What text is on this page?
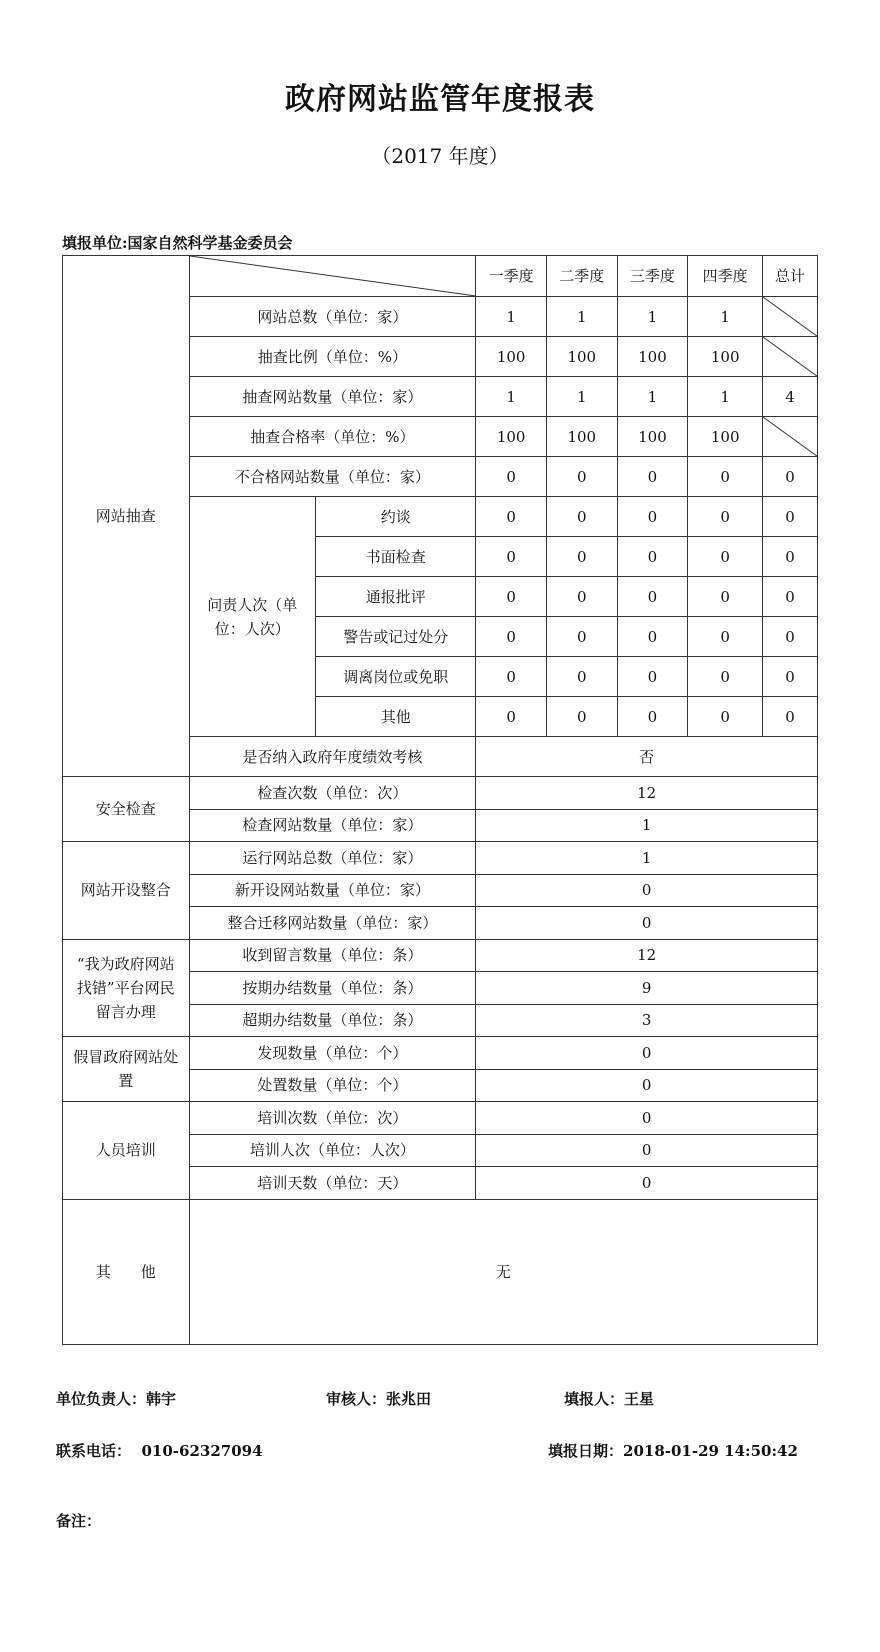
政府网站监管年度报表
（2017 年度）
填报单位:国家自然科学基金委员会
网站抽查			一季度	二季度	三季度	四季度	总计
	网站总数（单位：家）		1	1	1	1	

	抽查比例（单位：%）		100	100	100	100	

	抽查网站数量（单位：家）		1	1	1	1	4
	抽查合格率（单位：%）		100	100	100	100	

	不合格网站数量（单位：家）		0	0	0	0	0
	问责人次（单位：人次）	约谈	0	0	0	0	0
		书面检查	0	0	0	0	0
		通报批评	0	0	0	0	0
		警告或记过处分	0	0	0	0	0
		调离岗位或免职	0	0	0	0	0
		其他	0	0	0	0	0
	是否纳入政府年度绩效考核		否				
安全检查	检查次数（单位：次）		12				
	检查网站数量（单位：家）		1				
网站开设整合	运行网站总数（单位：家）		1				
	新开设网站数量（单位：家）		0				
	整合迁移网站数量（单位：家）		0				
“我为政府网站找错”平台网民留言办理	收到留言数量（单位：条）		12				
	按期办结数量（单位：条）		9				
	超期办结数量（单位：条）		3				
假冒政府网站处置	发现数量（单位：个）		0				
	处置数量（单位：个）		0				
人员培训	培训次数（单位：次）		0				
	培训人次（单位：人次）		0				
	培训天数（单位：天）		0				
其　　他	无						
单位负责人：韩宇	审核人：张兆田	填报人：王星
联系电话： 010-62327094	填报日期：2018-01-29 14:50:42
备注：
